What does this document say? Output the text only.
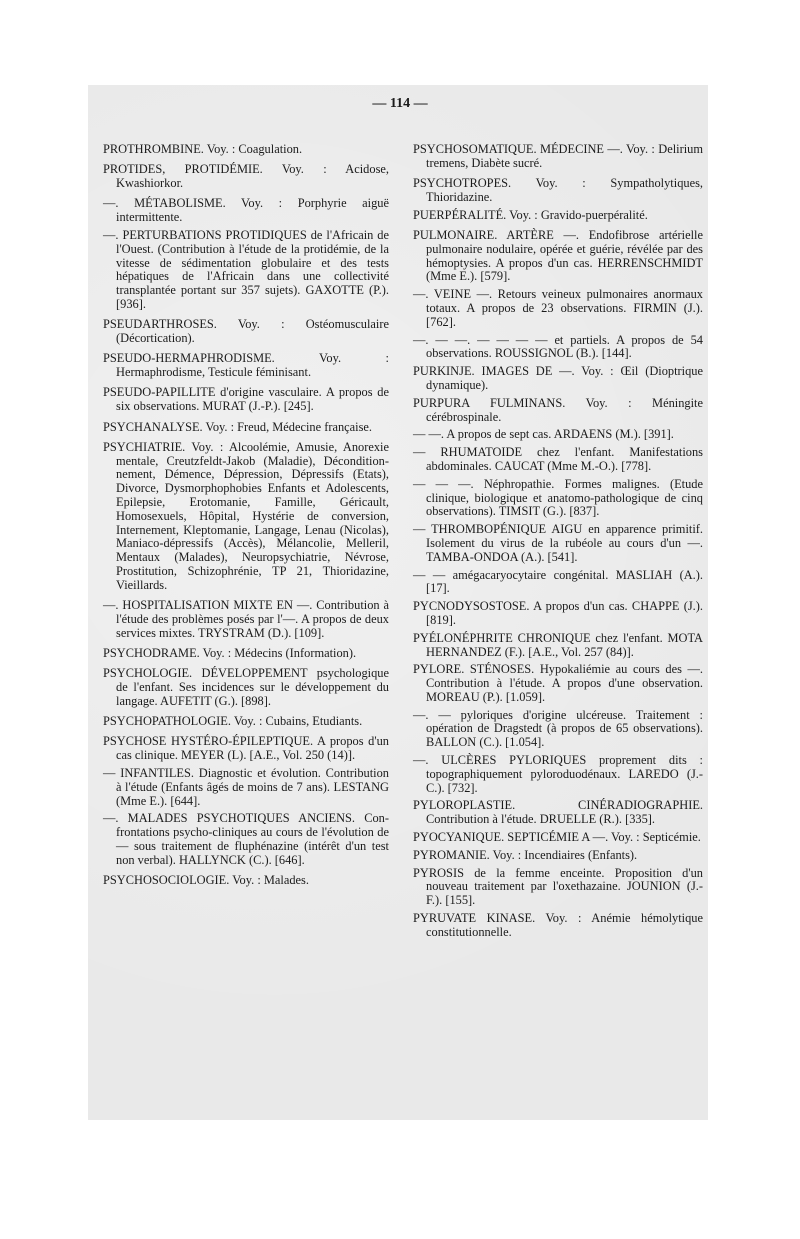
— 114 —

PROTHROMBINE. Voy. : Coagulation.

PROTIDES, PROTIDÉMIE. Voy. : Acidose, Kwashiorkor.

—. MÉTABOLISME. Voy. : Porphyrie aiguë intermittente.

—. PERTURBATIONS PROTIDIQUES de l'Africain de l'Ouest. (Contribution à l'étude de la protidémie, de la vitesse de sédimentation globulaire et des tests hépatiques de l'Africain dans une collectivité transplantée portant sur 357 sujets). GAXOTTE (P.). [936].

PSEUDARTHROSES. Voy. : Ostéomusculaire (Décortication).

PSEUDO-HERMAPHRODISME. Voy. : Hermaphrodisme, Testicule féminisant.

PSEUDO-PAPILLITE d'origine vasculaire. A propos de six observations. MURAT (J.-P.). [245].

PSYCHANALYSE. Voy. : Freud, Médecine française.

PSYCHIATRIE. Voy. : Alcoolémie, Amusie, Anorexie mentale, Creutzfeldt-Jakob (Maladie), Déconditionnement, Démence, Dépression, Dépressifs (Etats), Divorce, Dysmorphophobies Enfants et Adolescents, Epilepsie, Erotomanie, Famille, Géricault, Homosexuels, Hôpital, Hystérie de conversion, Internement, Kleptomanie, Langage, Lenau (Nicolas), Maniaco-dépressifs (Accès), Mélancolie, Melleril, Mentaux (Malades), Neuropsychiatrie, Névrose, Prostitution, Schizophrénie, TP 21, Thioridazine, Vieillards.

—. HOSPITALISATION MIXTE EN —. Contribution à l'étude des problèmes posés par l'—. A propos de deux services mixtes. TRYSTRAM (D.). [109].

PSYCHODRAME. Voy. : Médecins (Information).

PSYCHOLOGIE. DÉVELOPPEMENT psychologique de l'enfant. Ses incidences sur le développement du langage. AUFETIT (G.). [898].

PSYCHOPATHOLOGIE. Voy. : Cubains, Etudiants.

PSYCHOSE HYSTÉRO-ÉPILEPTIQUE. A propos d'un cas clinique. MEYER (L). [A.E., Vol. 250 (14)].

— INFANTILES. Diagnostic et évolution. Contribution à l'étude (Enfants âgés de moins de 7 ans). LESTANG (Mme E.). [644].

—. MALADES PSYCHOTIQUES ANCIENS. Confrontations psycho-cliniques au cours de l'évolution de — sous traitement de fluphénazine (intérêt d'un test non verbal). HALLYNCK (C.). [646].

PSYCHOSOCIOLOGIE. Voy. : Malades.

PSYCHOSOMATIQUE. MÉDECINE —. Voy. : Delirium tremens, Diabète sucré.

PSYCHOTROPES. Voy. : Sympatholytiques, Thioridazine.

PUERPÉRALITÉ. Voy. : Gravido-puerpéralité.

PULMONAIRE. ARTÈRE —. Endofibrose artérielle pulmonaire nodulaire, opérée et guérie, révélée par des hémoptysies. A propos d'un cas. HERRENSCHMIDT (Mme E.). [579].

—. VEINE —. Retours veineux pulmonaires anormaux totaux. A propos de 23 observations. FIRMIN (J.). [762].

—. — —. — — — — et partiels. A propos de 54 observations. ROUSSIGNOL (B.). [144].

PURKINJE. IMAGES DE —. Voy. : Œil (Dioptrique dynamique).

PURPURA FULMINANS. Voy. : Méningite cérébrospinale.

— —. A propos de sept cas. ARDAENS (M.). [391].

— RHUMATOIDE chez l'enfant. Manifestations abdominales. CAUCAT (Mme M.-O.). [778].

— — —. Néphropathie. Formes malignes. (Etude clinique, biologique et anatomo-pathologique de cinq observations). TIMSIT (G.). [837].

— THROMBOPÉNIQUE AIGU en apparence primitif. Isolement du virus de la rubéole au cours d'un —. TAMBA-ONDOA (A.). [541].

— — amégacaryocytaire congénital. MASLIAH (A.). [17].

PYCNODYSOSTOSE. A propos d'un cas. CHAPPE (J.). [819].

PYÉLONÉPHRITE CHRONIQUE chez l'enfant. MOTA HERNANDEZ (F.). [A.E., Vol. 257 (84)].

PYLORE. STÉNOSES. Hypokaliémie au cours des —. Contribution à l'étude. A propos d'une observation. MOREAU (P.). [1.059].

—. — pyloriques d'origine ulcéreuse. Traitement : opération de Dragstedt (à propos de 65 observations). BALLON (C.). [1.054].

—. ULCÈRES PYLORIQUES proprement dits : topographiquement pyloroduodénaux. LAREDO (J.-C.). [732].

PYLOROPLASTIE. CINÉRADIOGRAPHIE. Contribution à l'étude. DRUELLE (R.). [335].

PYOCYANIQUE. SEPTICÉMIE A —. Voy. : Septicémie.

PYROMANIE. Voy. : Incendiaires (Enfants).

PYROSIS de la femme enceinte. Proposition d'un nouveau traitement par l'oxethazaine. JOUNION (J.-F.). [155].

PYRUVATE KINASE. Voy. : Anémie hémolytique constitutionnelle.
